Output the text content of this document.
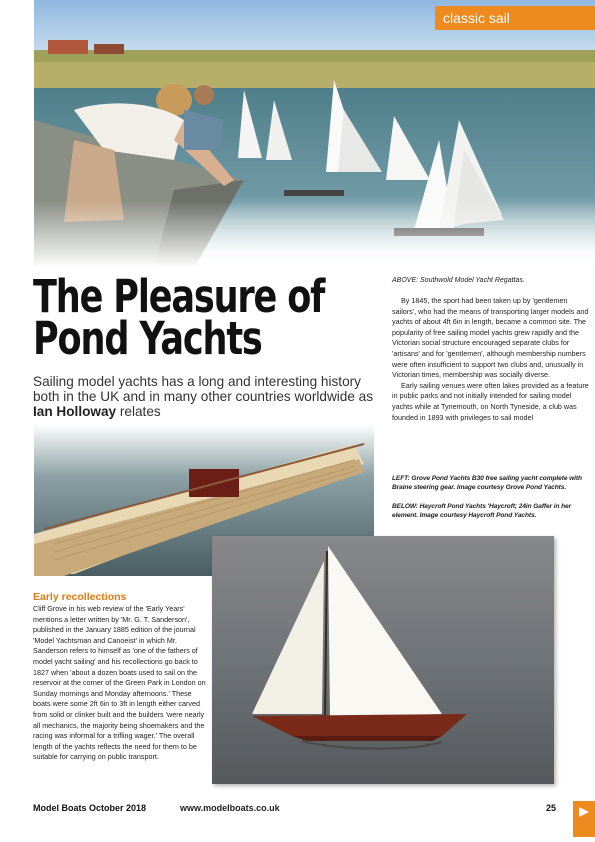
classic sail
The Pleasure of
Pond Yachts
Sailing model yachts has a long and interesting history both in the UK and in many other countries worldwide as Ian Holloway relates
ABOVE: Southwold Model Yacht Regattas.

By 1845, the sport had been taken up by 'gentlemen sailors', who had the means of transporting larger models and yachts of about 4ft 6in in length, became a common site. The popularity of free sailing model yachts grew rapidly and the Victorian social structure encouraged separate clubs for 'artisans' and for 'gentlemen', although membership numbers were often insufficient to support two clubs and, unusually in Victorian times, membership was socially diverse.

Early sailing venues were often lakes provided as a feature in public parks and not initially intended for sailing model yachts while at Tynemouth, on North Tyneside, a club was founded in 1893 with privileges to sail model

LEFT: Grove Pond Yachts B30 free sailing yacht complete with Braine steering gear. Image courtesy Grove Pond Yachts.
BELOW: Haycroft Pond Yachts 'Haycroft; 24in Gaffer in her element. Image courtesy Haycroft Pond Yachts.
Early recollections

Cliff Grove in his web review of the 'Early Years' mentions a letter written by 'Mr. G. T. Sanderson', published in the January 1885 edition of the journal 'Model Yachtsman and Canoeist' in which Mr. Sanderson refers to himself as 'one of the fathers of model yacht sailing' and his recollections go back to 1827 when 'about a dozen boats used to sail on the reservoir at the corner of the Green Park in London on Sunday mornings and Monday afternoons.' These boats were some 2ft 6in to 3ft in length either carved from solid or clinker built and the builders 'were nearly all mechanics, the majority being shoemakers and the racing was informal for a trifling wager.' The overall length of the yachts reflects the need for them to be suitable for carrying on public transport.

Model Boats October 2018	www.modelboats.co.uk	25
